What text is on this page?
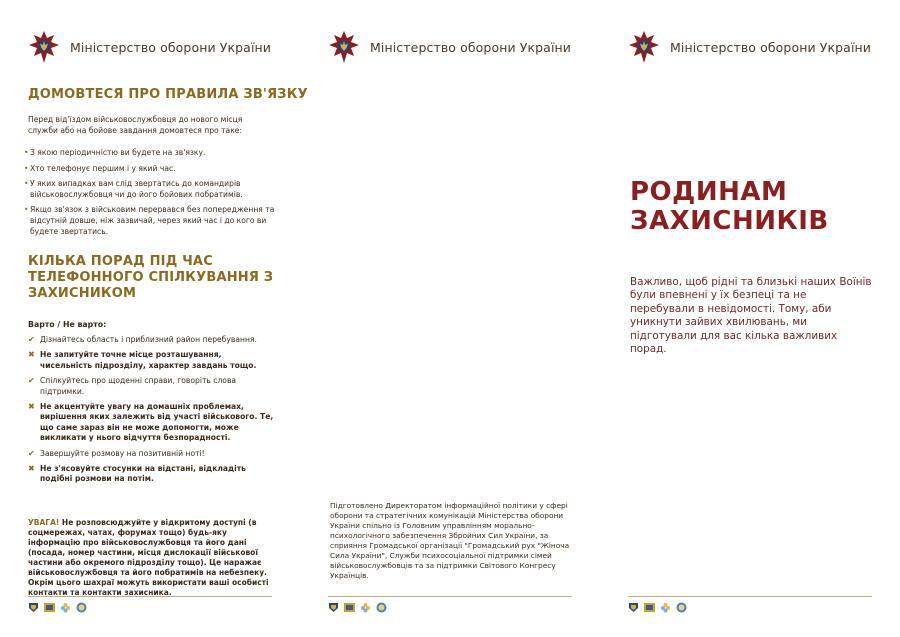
Міністерство оборони України
ДОМОВТЕСЯ ПРО ПРАВИЛА ЗВ'ЯЗКУ

Перед від'їздом військовослужбовця до нового місця служби або на бойове завдання домовтеся про таке:

• З якою періодичністю ви будете на зв'язку.
• Хто телефонує першим і у який час.
• У яких випадках вам слід звертатись до командирів військовослужбовця чи до його бойових побратимів.
• Якщо зв'язок з військовим перервався без попередження та відсутній довше, ніж зазвичай, через який час і до кого ви будете звертатись.
КІЛЬКА ПОРАД ПІД ЧАС ТЕЛЕФОННОГО СПІЛКУВАННЯ З ЗАХИСНИКОМ
Варто / Не варто:
✔ Дізнайтесь область і приблизний район перебування.
✖ Не запитуйте точне місце розташування, чисельність підрозділу, характер завдань тощо.
✔ Спілкуйтесь про щоденні справи, говоріть слова підтримки.
✖ Не акцентуйте увагу на домашніх проблемах, вирішення яких залежить від участі військового. Те, що саме зараз він не може допомогти, може викликати у нього відчуття безпорадності.
✔ Завершуйте розмову на позитивній ноті!
✖ Не з'ясовуйте стосунки на відстані, відкладіть подібні розмови на потім.

УВАГА! Не розповсюджуйте у відкритому доступі (в соцмережах, чатах, форумах тощо) будь-яку інформацію про військовослужбовця та його дані (посада, номер частини, місця дислокації військової частини або окремого підрозділу тощо). Це наражає військовослужбовця та його побратимів на небезпеку. Окрім цього шахраї можуть використати ваші особисті контакти та контакти захисника.

Міністерство оборони України

Підготовлено Директоратом інформаційної політики у сфері оборони та стратегічних комунікацій Міністерства оборони України спільно із Головним управлінням морально-психологічного забезпечення Збройних Сил України, за сприяння Громадської організації "Громадський рух "Жіноча Сила України", Служби психосоціальної підтримки сімей військовослужбовців та за підтримки Світового Конгресу Українців.

Міністерство оборони України
РОДИНАМ
ЗАХИСНИКІВ

Важливо, щоб рідні та близькі наших Воїнів були впевнені у їх безпеці та не перебували в невідомості. Тому, аби уникнути зайвих хвилювань, ми підготували для вас кілька важливих порад.
